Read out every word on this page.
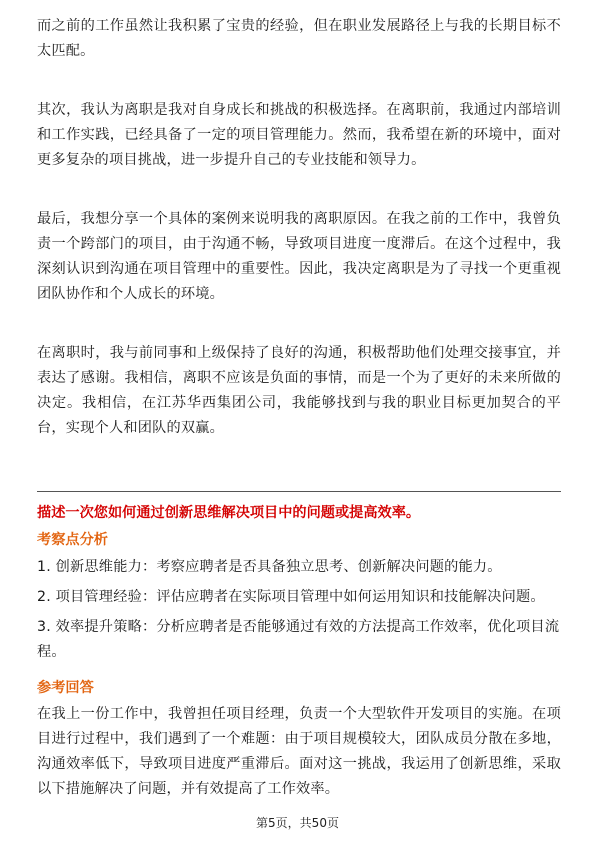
而之前的工作虽然让我积累了宝贵的经验，但在职业发展路径上与我的长期目标不太匹配。

其次，我认为离职是我对自身成长和挑战的积极选择。在离职前，我通过内部培训和工作实践，已经具备了一定的项目管理能力。然而，我希望在新的环境中，面对更多复杂的项目挑战，进一步提升自己的专业技能和领导力。

最后，我想分享一个具体的案例来说明我的离职原因。在我之前的工作中，我曾负责一个跨部门的项目，由于沟通不畅，导致项目进度一度滞后。在这个过程中，我深刻认识到沟通在项目管理中的重要性。因此，我决定离职是为了寻找一个更重视团队协作和个人成长的环境。

在离职时，我与前同事和上级保持了良好的沟通，积极帮助他们处理交接事宜，并表达了感谢。我相信，离职不应该是负面的事情，而是一个为了更好的未来所做的决定。我相信，在江苏华西集团公司，我能够找到与我的职业目标更加契合的平台，实现个人和团队的双赢。

描述一次您如何通过创新思维解决项目中的问题或提高效率。

考察点分析

1. 创新思维能力：考察应聘者是否具备独立思考、创新解决问题的能力。

2. 项目管理经验：评估应聘者在实际项目管理中如何运用知识和技能解决问题。

3. 效率提升策略：分析应聘者是否能够通过有效的方法提高工作效率，优化项目流程。

参考回答

在我上一份工作中，我曾担任项目经理，负责一个大型软件开发项目的实施。在项目进行过程中，我们遇到了一个难题：由于项目规模较大，团队成员分散在多地，沟通效率低下，导致项目进度严重滞后。面对这一挑战，我运用了创新思维，采取以下措施解决了问题，并有效提高了工作效率。

第5页，共50页
